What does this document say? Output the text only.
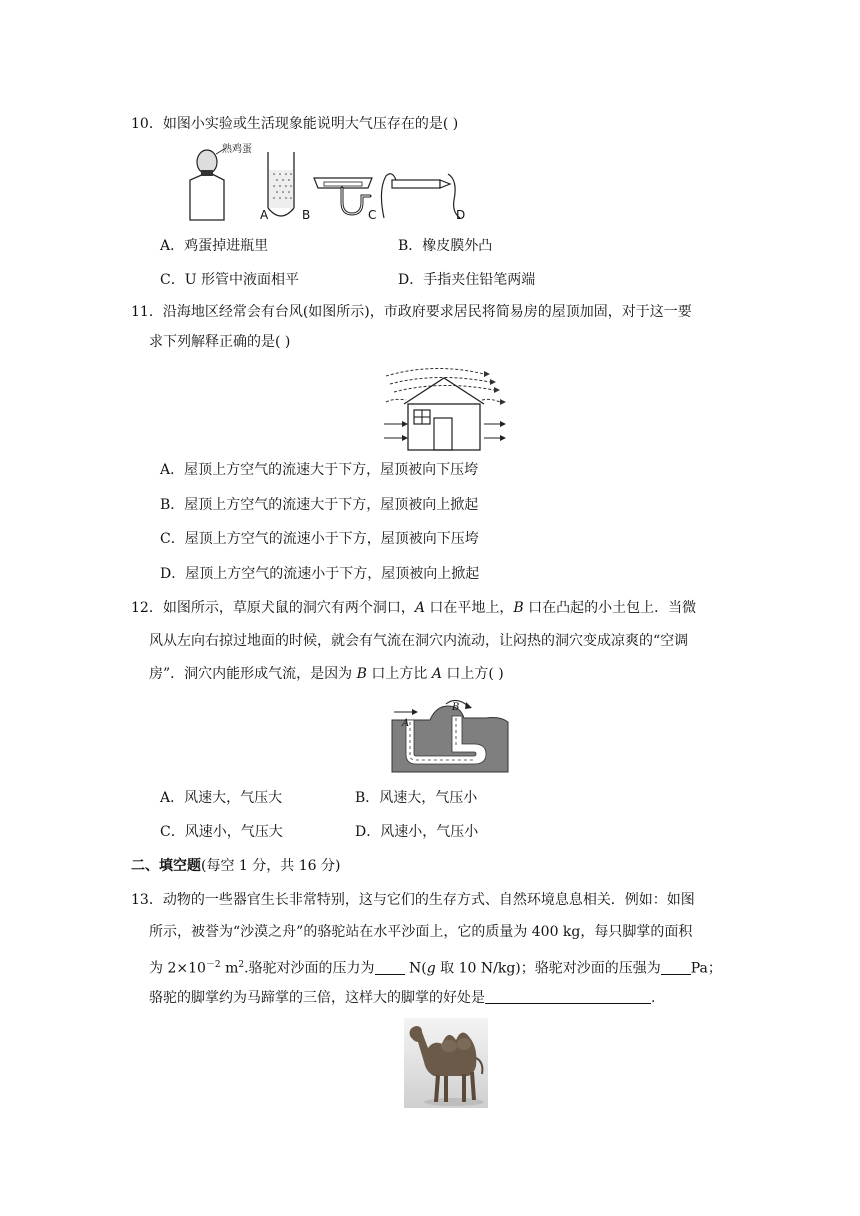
10．如图小实验或生活现象能说明大气压存在的是( )
熟鸡蛋
A	B	C	D
A．鸡蛋掉进瓶里	B．橡皮膜外凸
C．U 形管中液面相平	D．手指夹住铅笔两端
11．沿海地区经常会有台风(如图所示)，市政府要求居民将简易房的屋顶加固，对于这一要
求下列解释正确的是( )
A．屋顶上方空气的流速大于下方，屋顶被向下压垮
B．屋顶上方空气的流速大于下方，屋顶被向上掀起
C．屋顶上方空气的流速小于下方，屋顶被向下压垮
D．屋顶上方空气的流速小于下方，屋顶被向上掀起
12．如图所示，草原犬鼠的洞穴有两个洞口，A 口在平地上，B 口在凸起的小土包上．当微
风从左向右掠过地面的时候，就会有气流在洞穴内流动，让闷热的洞穴变成凉爽的“空调
房”．洞穴内能形成气流，是因为 B 口上方比 A 口上方( )
A
B
A．风速大，气压大	B．风速大，气压小
C．风速小，气压大	D．风速小，气压小
二、填空题(每空 1 分，共 16 分)
13．动物的一些器官生长非常特别，这与它们的生存方式、自然环境息息相关．例如：如图
所示，被誉为“沙漠之舟”的骆驼站在水平沙面上，它的质量为 400 kg，每只脚掌的面积
为 $2\times 10^{-2}$ $m^2$.骆驼对沙面的压力为 N(g 取 10 N/kg)；骆驼对沙面的压强为 Pa；
骆驼的脚掌约为马蹄掌的三倍，这样大的脚掌的好处是	.
